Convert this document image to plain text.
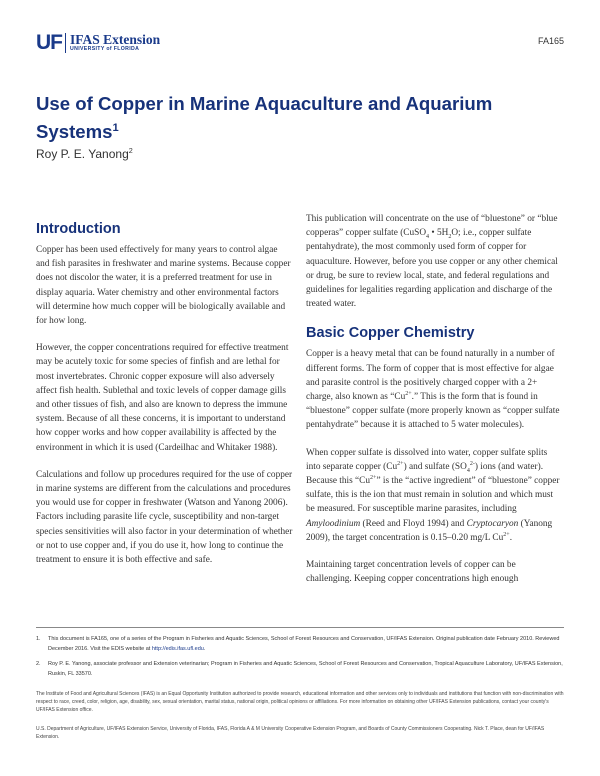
UF IFAS Extension
UNIVERSITY of FLORIDA
FA165
Use of Copper in Marine Aquaculture and Aquarium Systems$^1$
Roy P. E. Yanong$^2$
Introduction

Copper has been used effectively for many years to control algae and fish parasites in freshwater and marine systems. Because copper does not discolor the water, it is a preferred treatment for use in display aquaria. Water chemistry and other environmental factors will determine how much copper will be biologically available and for how long.

However, the copper concentrations required for effective treatment may be acutely toxic for some species of finfish and are lethal for most invertebrates. Chronic copper exposure will also adversely affect fish health. Sublethal and toxic levels of copper damage gills and other tissues of fish, and also are known to depress the immune system. Because of all these concerns, it is important to understand how copper works and how copper availability is affected by the environment in which it is used (Cardeilhac and Whitaker 1988).

Calculations and follow up procedures required for the use of copper in marine systems are different from the calculations and procedures you would use for copper in freshwater (Watson and Yanong 2006). Factors including parasite life cycle, susceptibility and non-target species sensitivities will also factor in your determination of whether or not to use copper and, if you do use it, how long to continue the treatment to ensure it is both effective and safe.

This publication will concentrate on the use of “bluestone” or “blue copperas” copper sulfate (CuSO$_4$ • $5H_2O$; i.e., copper sulfate pentahydrate), the most commonly used form of copper for aquaculture. However, before you use copper or any other chemical or drug, be sure to review local, state, and federal regulations and guidelines for legalities regarding application and discharge of the treated water.

Basic Copper Chemistry

Copper is a heavy metal that can be found naturally in a number of different forms. The form of copper that is most effective for algae and parasite control is the positively charged copper with a 2+ charge, also known as “$Cu^{2+}$.” This is the form that is found in “bluestone” copper sulfate (more properly known as “copper sulfate pentahydrate” because it is attached to 5 water molecules).

When copper sulfate is dissolved into water, copper sulfate splits into separate copper $(Cu^{2+})$ and sulfate $(SO_4^{2-})$ ions (and water). Because this “$Cu^{2+}$” is the “active ingredient” of “bluestone” copper sulfate, this is the ion that must remain in solution and which must be measured. For susceptible marine parasites, including Amyloodinium (Reed and Floyd 1994) and Cryptocaryon (Yanong 2009), the target concentration is 0.15–0.20 mg/L $Cu^{2+}$.

Maintaining target concentration levels of copper can be challenging. Keeping copper concentrations high enough

1.	This document is FA165, one of a series of the Program in Fisheries and Aquatic Sciences, School of Forest Resources and Conservation, UF/IFAS Extension. Original publication date February 2010. Reviewed December 2016. Visit the EDIS website at http://edis.ifas.ufl.edu.
2.	Roy P. E. Yanong, associate professor and Extension veterinarian; Program in Fisheries and Aquatic Sciences, School of Forest Resources and Conservation, Tropical Aquaculture Laboratory, UF/IFAS Extension, Ruskin, FL 33570.

The Institute of Food and Agricultural Sciences (IFAS) is an Equal Opportunity Institution authorized to provide research, educational information and other services only to individuals and institutions that function with non-discrimination with respect to race, creed, color, religion, age, disability, sex, sexual orientation, marital status, national origin, political opinions or affiliations. For more information on obtaining other UF/IFAS Extension publications, contact your county's UF/IFAS Extension office.

U.S. Department of Agriculture, UF/IFAS Extension Service, University of Florida, IFAS, Florida A & M University Cooperative Extension Program, and Boards of County Commissioners Cooperating. Nick T. Place, dean for UF/IFAS Extension.
